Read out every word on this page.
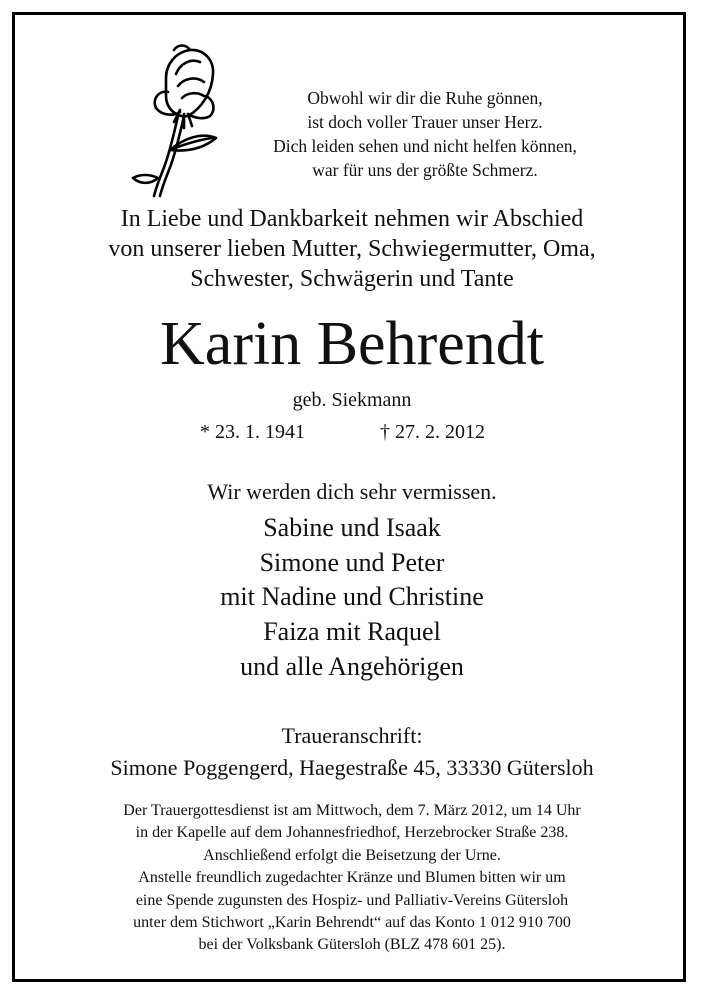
Obwohl wir dir die Ruhe gönnen,
ist doch voller Trauer unser Herz.
Dich leiden sehen und nicht helfen können,
war für uns der größte Schmerz.
In Liebe und Dankbarkeit nehmen wir Abschied
von unserer lieben Mutter, Schwiegermutter, Oma,
Schwester, Schwägerin und Tante
Karin Behrendt
geb. Siekmann
* 23. 1. 1941	† 27. 2. 2012
Wir werden dich sehr vermissen.
Sabine und Isaak
Simone und Peter
mit Nadine und Christine
Faiza mit Raquel
und alle Angehörigen
Traueranschrift:
Simone Poggengerd, Haegestraße 45, 33330 Gütersloh
Der Trauergottesdienst ist am Mittwoch, dem 7. März 2012, um 14 Uhr
in der Kapelle auf dem Johannesfriedhof, Herzebrocker Straße 238.
Anschließend erfolgt die Beisetzung der Urne.
Anstelle freundlich zugedachter Kränze und Blumen bitten wir um
eine Spende zugunsten des Hospiz- und Palliativ-Vereins Gütersloh
unter dem Stichwort „Karin Behrendt“ auf das Konto 1 012 910 700
bei der Volksbank Gütersloh (BLZ 478 601 25).
